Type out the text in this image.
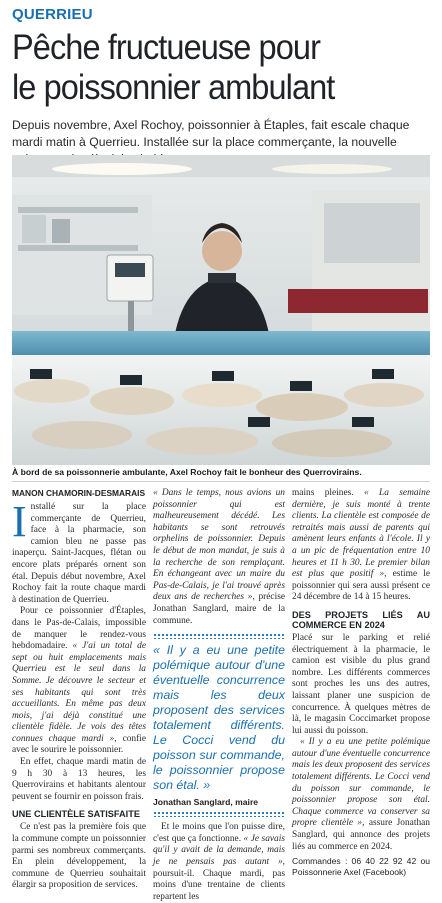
QUERRIEU
Pêche fructueuse pour
le poissonnier ambulant
Depuis novembre, Axel Rochoy, poissonnier à Étaples, fait escale chaque mardi matin à Querrieu. Installée sur la place commerçante, la nouvelle
À bord de sa poissonnerie ambulante, Axel Rochoy fait le bonheur des Querrovirains.
MANON CHAMORIN-DESMARAIS

Installé sur la place commerçante de Querrieu, face à la pharmacie, son camion bleu ne passe pas inaperçu. Saint-Jacques, flétan ou encore plats préparés ornent son étal. Depuis début novembre, Axel Rochoy fait la route chaque mardi à destination de Querrieu.

Pour ce poissonnier d'Étaples, dans le Pas-de-Calais, impossible de manquer le rendez-vous hebdomadaire. « J'ai un total de sept ou huit emplacements mais Querrieu est le seul dans la Somme. Je découvre le secteur et ses habitants qui sont très accueillants. En même pas deux mois, j'ai déjà constitué une clientèle fidèle. Je vois des têtes connues chaque mardi », confie avec le sourire le poissonnier.

En effet, chaque mardi matin de 9 h 30 à 13 heures, les Querrovirains et habitants alentour peuvent se fournir en poisson frais.

UNE CLIENTÈLE SATISFAITE

Ce n'est pas la première fois que la commune compte un poissonnier parmi ses nombreux commerçants. En plein développement, la commune de Querrieu souhaitait élargir sa proposition de services.

« Dans le temps, nous avions un poissonnier qui est malheureusement décédé. Les habitants se sont retrouvés orphelins de poissonnier. Depuis le début de mon mandat, je suis à la recherche de son remplaçant. En échangeant avec un maire du Pas-de-Calais, je l'ai trouvé après deux ans de recherches », précise Jonathan Sanglard, maire de la commune.

« Il y a eu une petite polémique autour d'une éventuelle concurrence mais les deux proposent des services totalement différents. Le Cocci vend du poisson sur commande, le poissonnier propose son étal. »
Jonathan Sanglard, maire

Et le moins que l'on puisse dire, c'est que ça fonctionne. « Je savais qu'il y avait de la demande, mais je ne pensais pas autant », poursuit-il. Chaque mardi, pas moins d'une trentaine de clients repartent les

mains pleines. « La semaine dernière, je suis monté à trente clients. La clientèle est composée de retraités mais aussi de parents qui amènent leurs enfants à l'école. Il y a un pic de fréquentation entre 10 heures et 11 h 30. Le premier bilan est plus que positif », estime le poissonnier qui sera aussi présent ce 24 décembre de 14 à 15 heures.

DES PROJETS LIÉS AU COMMERCE EN 2024

Placé sur le parking et relié électriquement à la pharmacie, le camion est visible du plus grand nombre. Les différents commerces sont proches les uns des autres, laissant planer une suspicion de concurrence. À quelques mètres de là, le magasin Coccimarket propose lui aussi du poisson.

« Il y a eu une petite polémique autour d'une éventuelle concurrence mais les deux proposent des services totalement différents. Le Cocci vend du poisson sur commande, le poissonnier propose son étal. Chaque commerce va conserver sa propre clientèle », assure Jonathan Sanglard, qui annonce des projets liés au commerce en 2024.

Commandes : 06 40 22 92 42 ou Poissonnerie Axel (Facebook)
